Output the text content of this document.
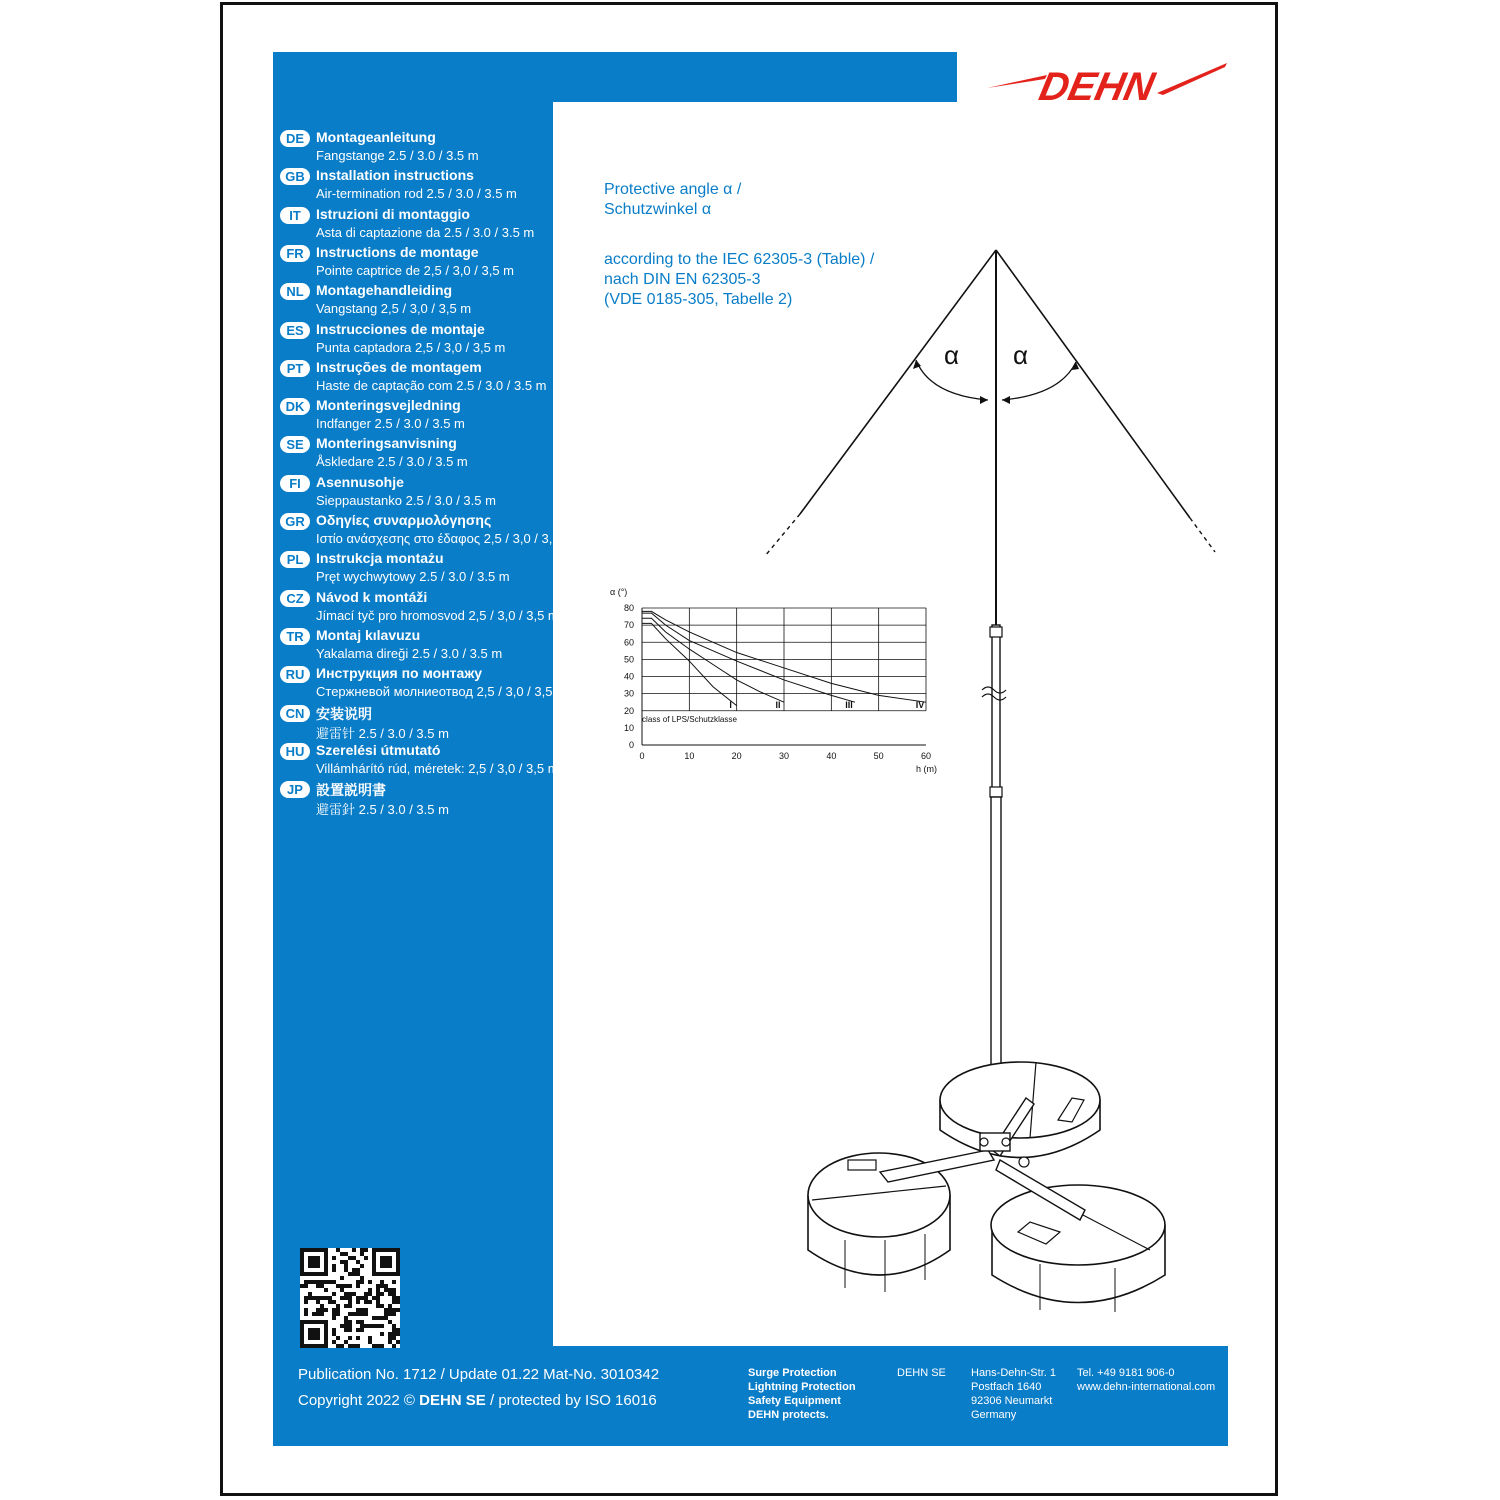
DEHN
DE Montageanleitung
Fangstange 2.5 / 3.0 / 3.5 m
GB Installation instructions
Air-termination rod 2.5 / 3.0 / 3.5 m
IT	Istruzioni di montaggio
Asta di captazione da 2.5 / 3.0 / 3.5 m
FR Instructions de montage
Pointe captrice de 2,5 / 3,0 / 3,5 m
NL Montagehandleiding
Vangstang 2,5 / 3,0 / 3,5 m
ES Instrucciones de montaje
Punta captadora 2,5 / 3,0 / 3,5 m
PT Instruções de montagem
Haste de captação com 2.5 / 3.0 / 3.5 m
DK Monteringsvejledning
Indfanger 2.5 / 3.0 / 3.5 m
SE Monteringsanvisning
Åskledare 2.5 / 3.0 / 3.5 m
FI	Asennusohje
Sieppaustanko 2.5 / 3.0 / 3.5 m
GR Οδηγίες συναρμολόγησης
Ιστίο ανάσχεσης στο έδαφος 2,5 / 3,0 / 3,5 m
PL Instrukcja montażu
Pręt wychwytowy 2.5 / 3.0 / 3.5 m
CZ Návod k montáži
Jímací tyč pro hromosvod 2,5 / 3,0 / 3,5 m
TR Montaj kılavuzu
Yakalama direği 2.5 / 3.0 / 3.5 m
RU Инструкция по монтажу
Стержневой молниеотвод 2,5 / 3,0 / 3,5 м
CN 安装说明
避雷针 2.5 / 3.0 / 3.5 m
HU Szerelési útmutató
Villámhárító rúd, méretek: 2,5 / 3,0 / 3,5 m
JP 設置説明書
避雷針 2.5 / 3.0 / 3.5 m
Protective angle α /
Schutzwinkel α
according to the IEC 62305-3 (Table) /
nach DIN EN 62305-3
(VDE 0185-305, Tabelle 2)
α α
α (°)
h (m)
class of LPS/Schutzklasse
0
10
20
30
40
50
60
70
80
0	10	20	30	40	50	60
I	II	III	IV
Publication No. 1712 / Update 01.22 Mat-No. 3010342
Copyright 2022 © DEHN SE / protected by ISO 16016
Surge Protection
Lightning Protection
Safety Equipment
DEHN protects.
DEHN SE Hans-Dehn-Str. 1
Postfach 1640
92306 Neumarkt
Germany
Tel. +49 9181 906-0
www.dehn-international.com
